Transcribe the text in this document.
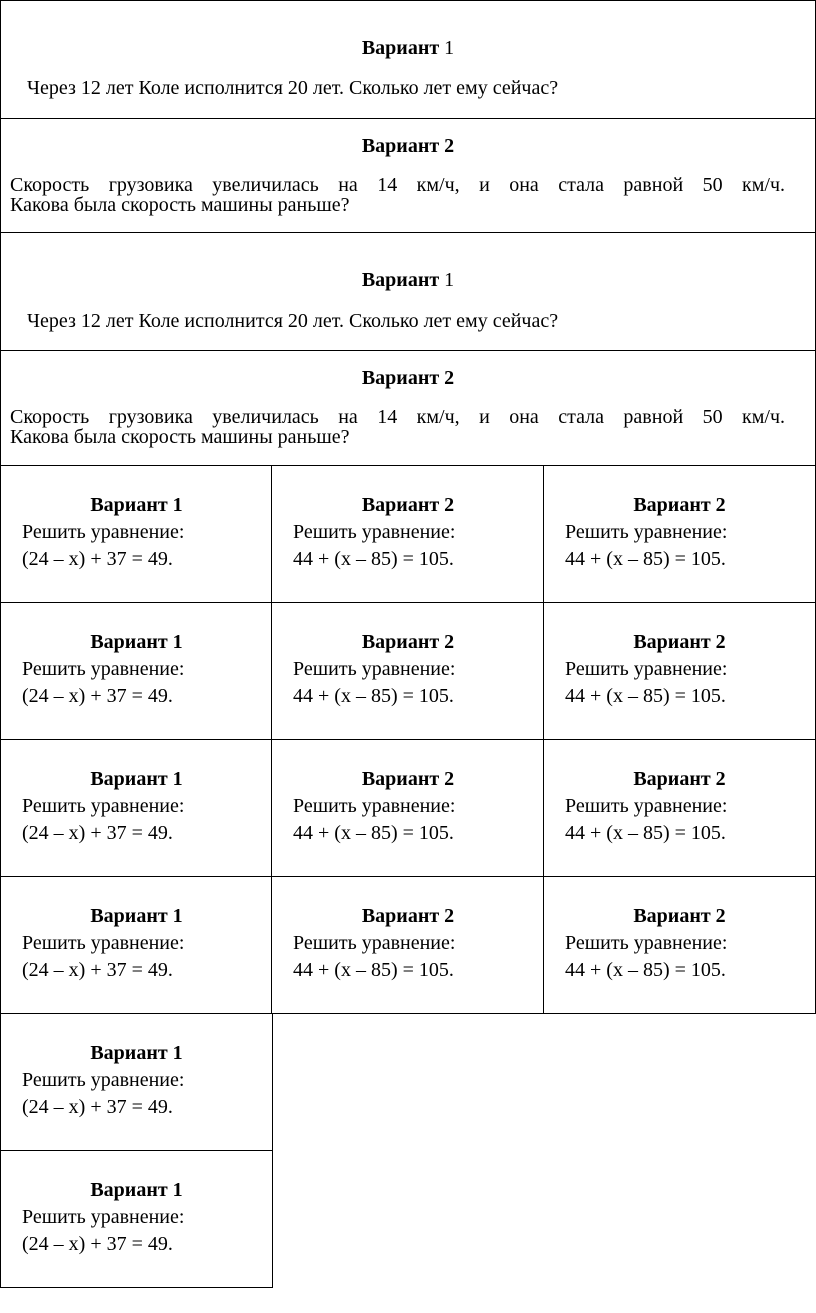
Вариант 1
Через 12 лет Коле исполнится 20 лет. Сколько лет ему сейчас?
Вариант 2
Скорость грузовика увеличилась на 14 км/ч, и она стала равной 50 км/ч.
Какова была скорость машины раньше?
Вариант 1
Через 12 лет Коле исполнится 20 лет. Сколько лет ему сейчас?
Вариант 2
Скорость грузовика увеличилась на 14 км/ч, и она стала равной 50 км/ч.
Какова была скорость машины раньше?
Вариант 1
Решить уравнение:
(24 – x) + 37 = 49.
Вариант 2
Решить уравнение:
44 + (x – 85) = 105.
Вариант 2
Решить уравнение:
44 + (x – 85) = 105.
Вариант 1
Решить уравнение:
(24 – x) + 37 = 49.
Вариант 2
Решить уравнение:
44 + (x – 85) = 105.
Вариант 2
Решить уравнение:
44 + (x – 85) = 105.
Вариант 1
Решить уравнение:
(24 – x) + 37 = 49.
Вариант 2
Решить уравнение:
44 + (x – 85) = 105.
Вариант 2
Решить уравнение:
44 + (x – 85) = 105.
Вариант 1
Решить уравнение:
(24 – x) + 37 = 49.
Вариант 2
Решить уравнение:
44 + (x – 85) = 105.
Вариант 2
Решить уравнение:
44 + (x – 85) = 105.
Вариант 1
Решить уравнение:
(24 – x) + 37 = 49.
Вариант 1
Решить уравнение:
(24 – x) + 37 = 49.
